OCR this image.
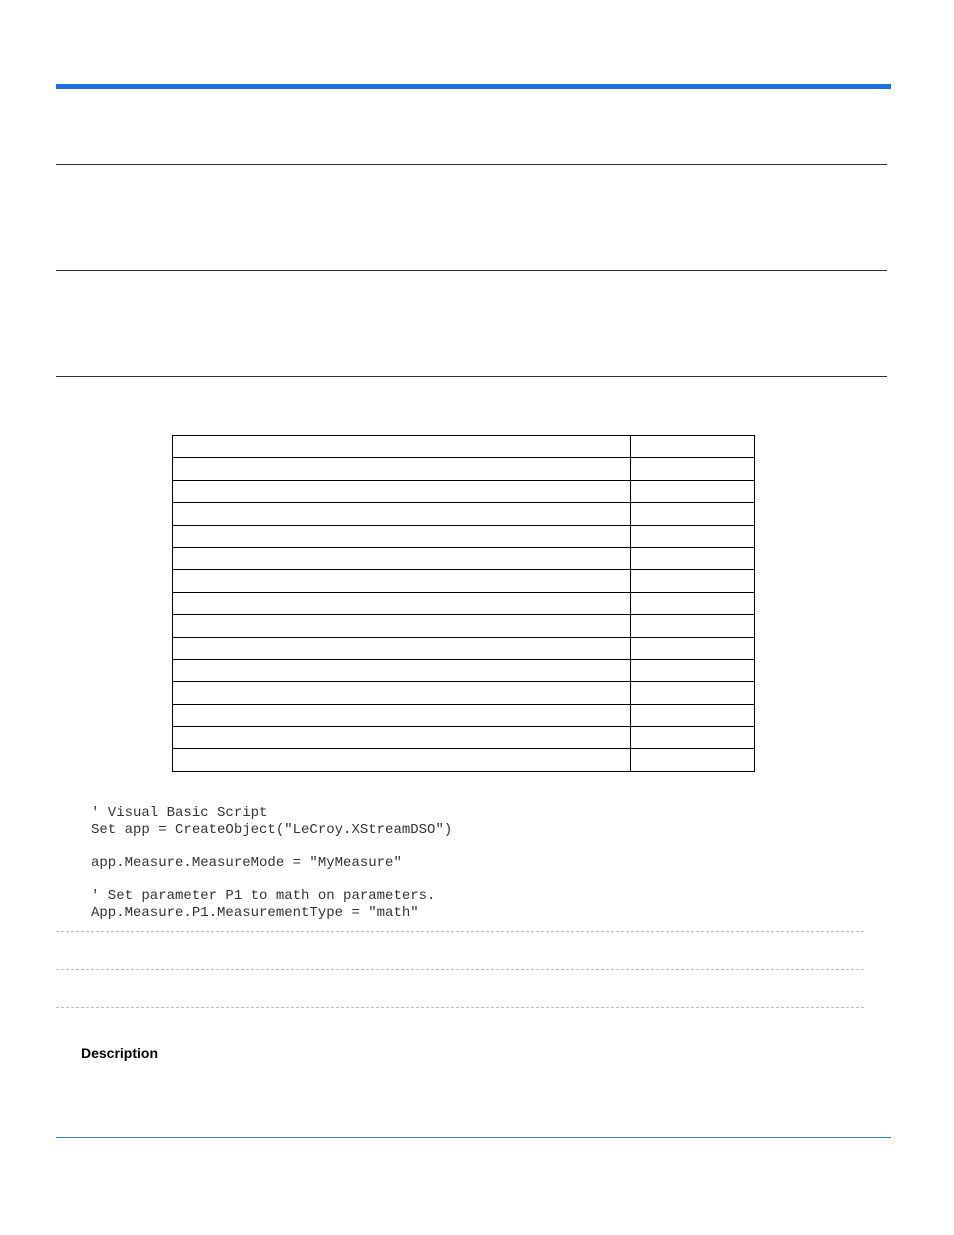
' Visual Basic Script
Set app = CreateObject("LeCroy.XStreamDSO")
app.Measure.MeasureMode = "MyMeasure"
' Set parameter P1 to math on parameters.
App.Measure.P1.MeasurementType = "math"
Description
